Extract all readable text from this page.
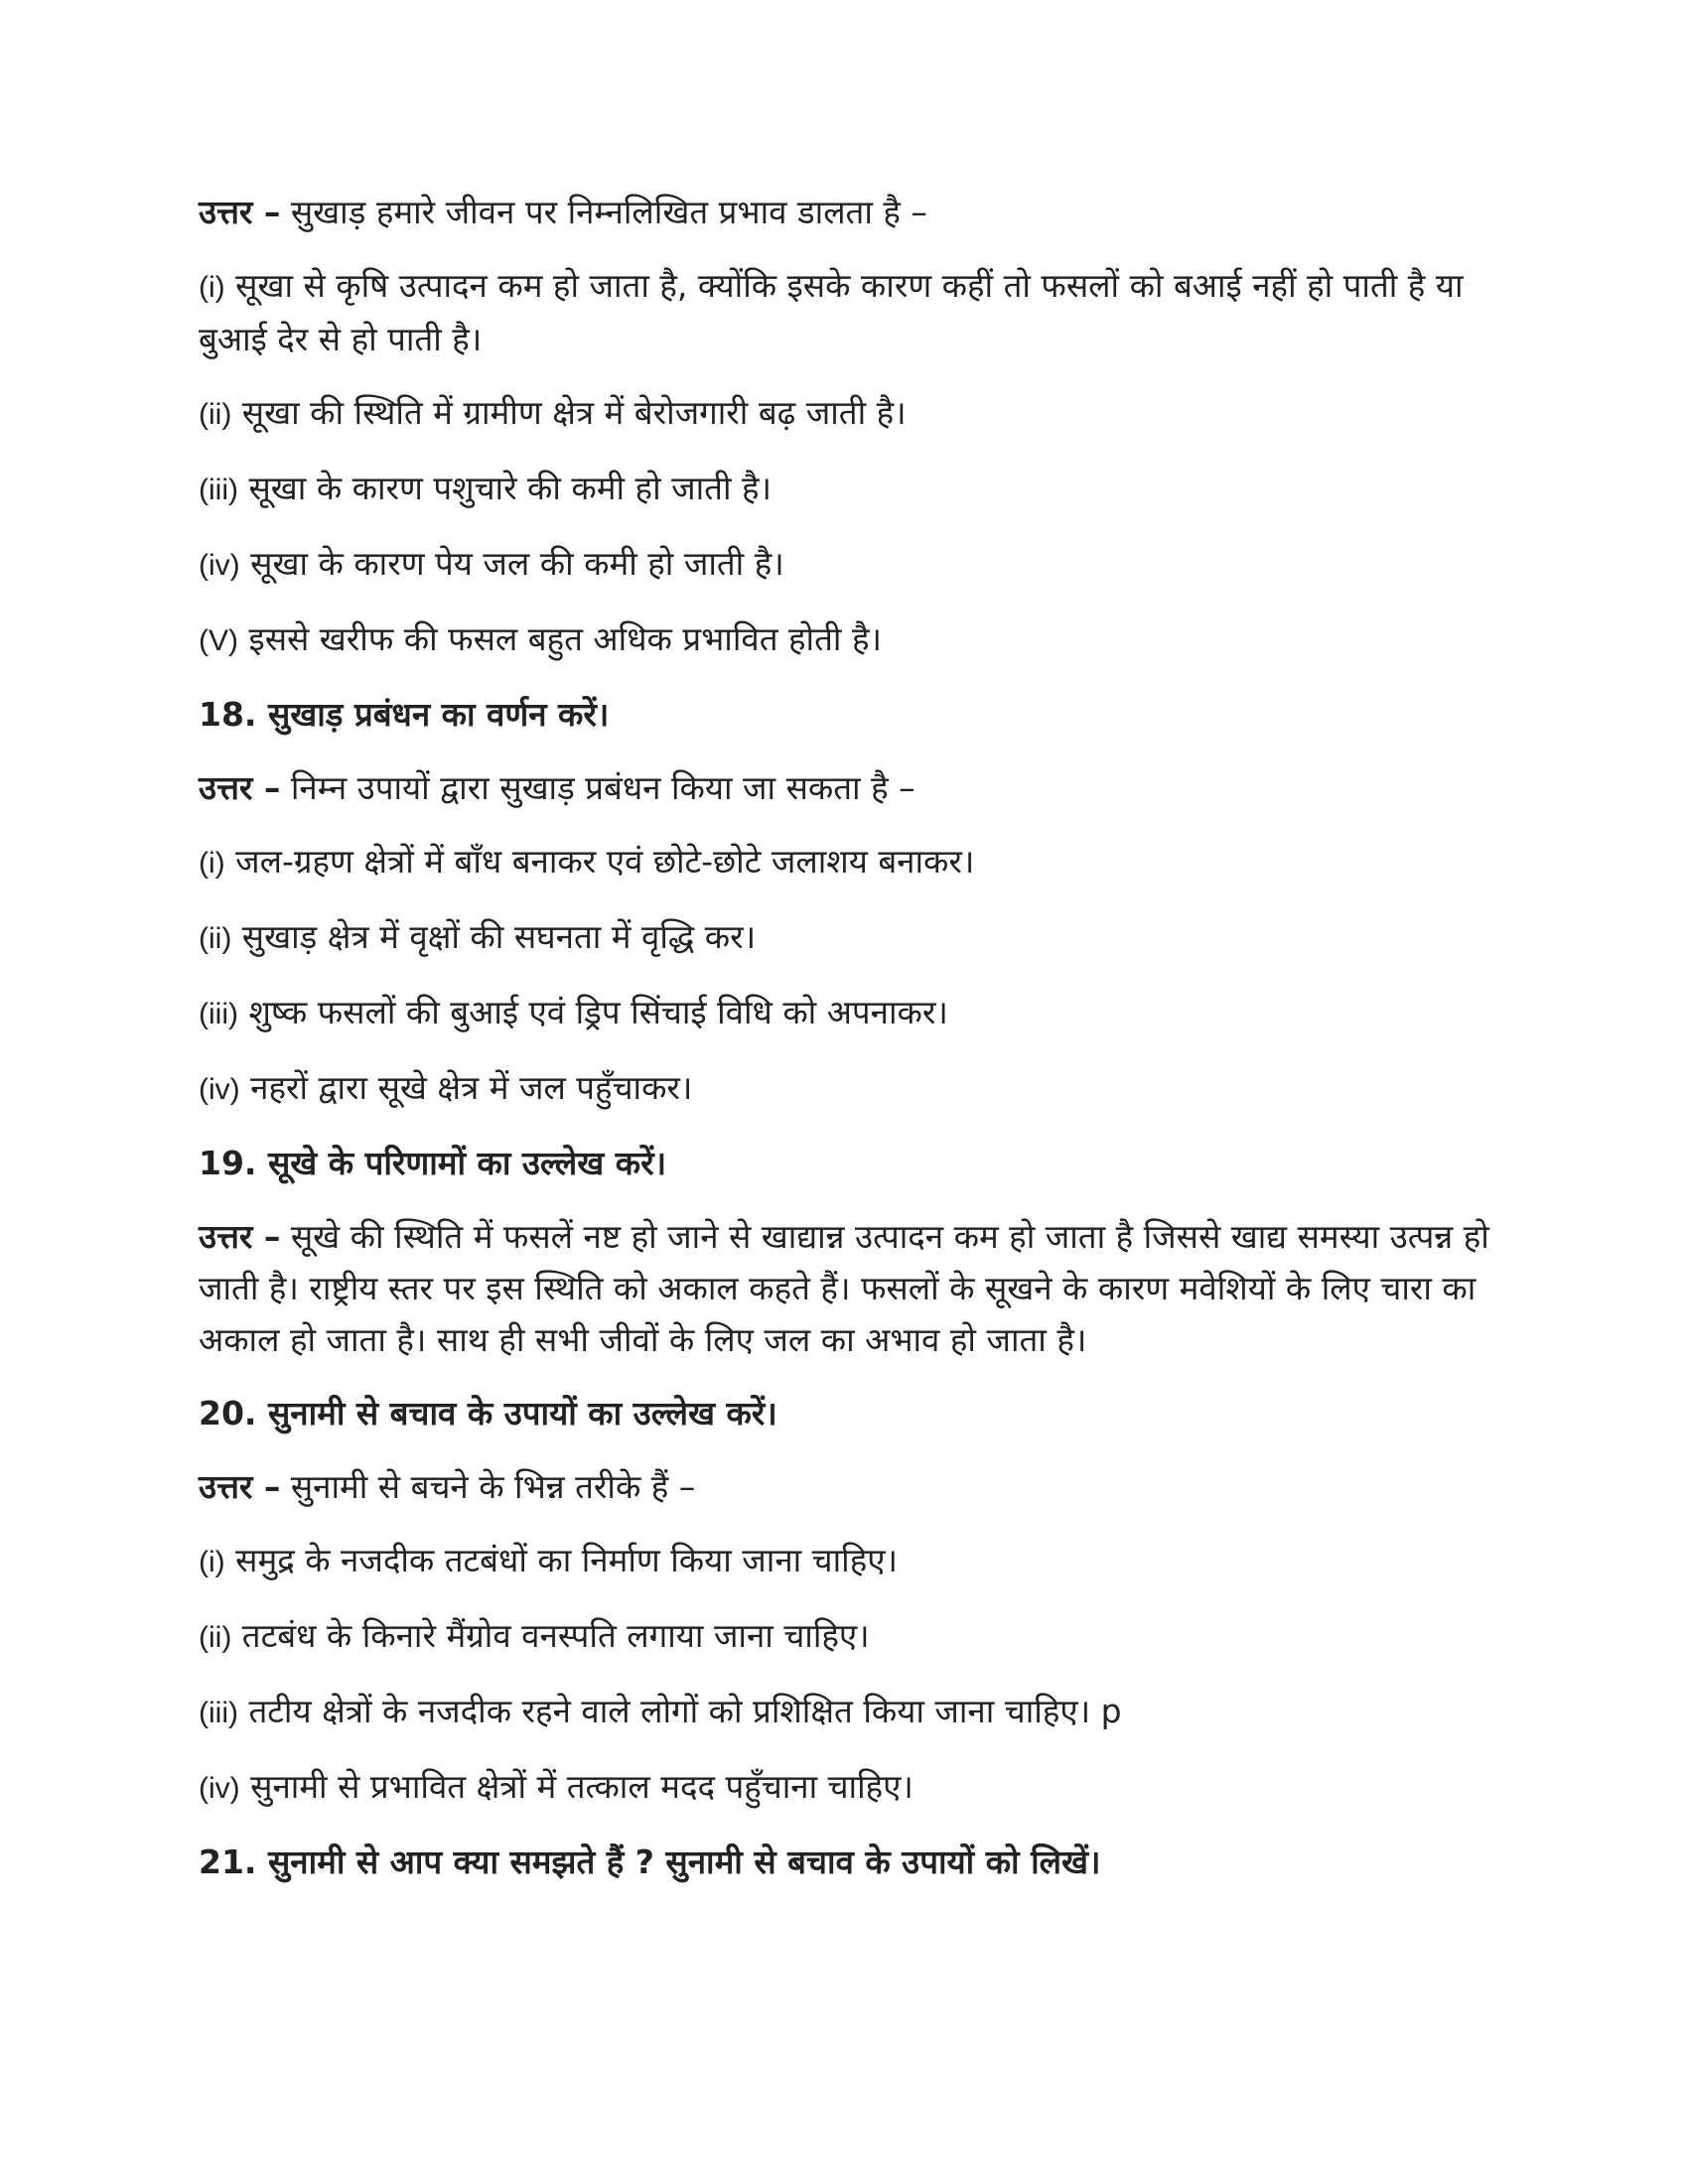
उत्तर – सुखाड़ हमारे जीवन पर निम्नलिखित प्रभाव डालता है –

(i) सूखा से कृषि उत्पादन कम हो जाता है, क्योंकि इसके कारण कहीं तो फसलों को बआई नहीं हो पाती है या बुआई देर से हो पाती है।

(ii) सूखा की स्थिति में ग्रामीण क्षेत्र में बेरोजगारी बढ़ जाती है।

(iii) सूखा के कारण पशुचारे की कमी हो जाती है।

(iv) सूखा के कारण पेय जल की कमी हो जाती है।

(V) इससे खरीफ की फसल बहुत अधिक प्रभावित होती है।

18. सुखाड़ प्रबंधन का वर्णन करें।

उत्तर – निम्न उपायों द्वारा सुखाड़ प्रबंधन किया जा सकता है –

(i) जल-ग्रहण क्षेत्रों में बाँध बनाकर एवं छोटे-छोटे जलाशय बनाकर।

(ii) सुखाड़ क्षेत्र में वृक्षों की सघनता में वृद्धि कर।

(iii) शुष्क फसलों की बुआई एवं ड्रिप सिंचाई विधि को अपनाकर।

(iv) नहरों द्वारा सूखे क्षेत्र में जल पहुँचाकर।

19. सूखे के परिणामों का उल्लेख करें।

उत्तर – सूखे की स्थिति में फसलें नष्ट हो जाने से खाद्यान्न उत्पादन कम हो जाता है जिससे खाद्य समस्या उत्पन्न हो जाती है। राष्ट्रीय स्तर पर इस स्थिति को अकाल कहते हैं। फसलों के सूखने के कारण मवेशियों के लिए चारा का अकाल हो जाता है। साथ ही सभी जीवों के लिए जल का अभाव हो जाता है।

20. सुनामी से बचाव के उपायों का उल्लेख करें।

उत्तर – सुनामी से बचने के भिन्न तरीके हैं –

(i) समुद्र के नजदीक तटबंधों का निर्माण किया जाना चाहिए।

(ii) तटबंध के किनारे मैंग्रोव वनस्पति लगाया जाना चाहिए।

(iii) तटीय क्षेत्रों के नजदीक रहने वाले लोगों को प्रशिक्षित किया जाना चाहिए। p

(iv) सुनामी से प्रभावित क्षेत्रों में तत्काल मदद पहुँचाना चाहिए।

21. सुनामी से आप क्या समझते हैं ? सुनामी से बचाव के उपायों को लिखें।
